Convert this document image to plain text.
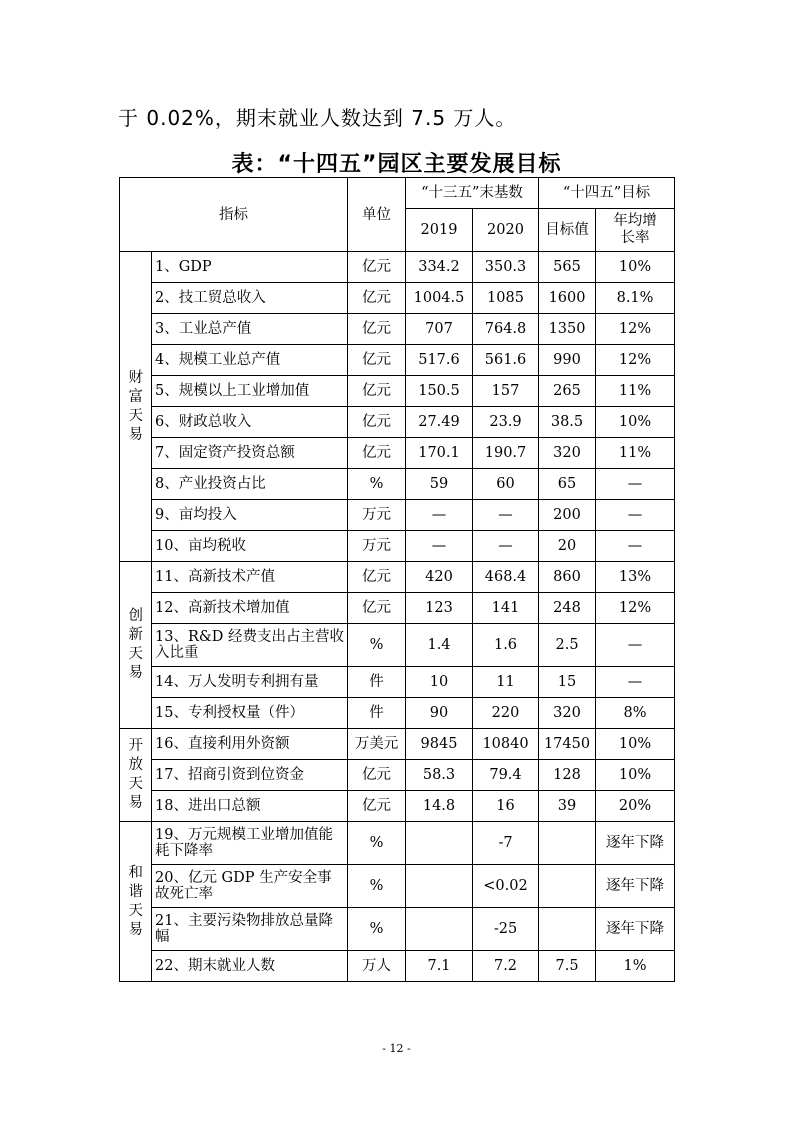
于 0.02%，期末就业人数达到 7.5 万人。
表：“十四五”园区主要发展目标
指标		单位	“十三五”末基数		“十四五”目标	
			2019	2020	目标值	年均增长率
财富天易	1、GDP	亿元	334.2	350.3	565	10%
	2、技工贸总收入	亿元	1004.5	1085	1600	8.1%
	3、工业总产值	亿元	707	764.8	1350	12%
	4、规模工业总产值	亿元	517.6	561.6	990	12%
	5、规模以上工业增加值	亿元	150.5	157	265	11%
	6、财政总收入	亿元	27.49	23.9	38.5	10%
	7、固定资产投资总额	亿元	170.1	190.7	320	11%
	8、产业投资占比	%	59	60	65	—
	9、亩均投入	万元	—	—	200	—
	10、亩均税收	万元	—	—	20	—
创新天易	11、高新技术产值	亿元	420	468.4	860	13%
	12、高新技术增加值	亿元	123	141	248	12%
	13、R&D 经费支出占主营收入比重	%	1.4	1.6	2.5	—
	14、万人发明专利拥有量	件	10	11	15	—
	15、专利授权量（件）	件	90	220	320	8%
开放天易	16、直接利用外资额	万美元	9845	10840	17450	10%
	17、招商引资到位资金	亿元	58.3	79.4	128	10%
	18、进出口总额	亿元	14.8	16	39	20%
和谐天易	19、万元规模工业增加值能耗下降率	%		-7		逐年下降
	20、亿元 GDP 生产安全事故死亡率	%		<0.02		逐年下降
	21、主要污染物排放总量降幅	%		-25		逐年下降
	22、期末就业人数	万人	7.1	7.2	7.5	1%
- 12 -
